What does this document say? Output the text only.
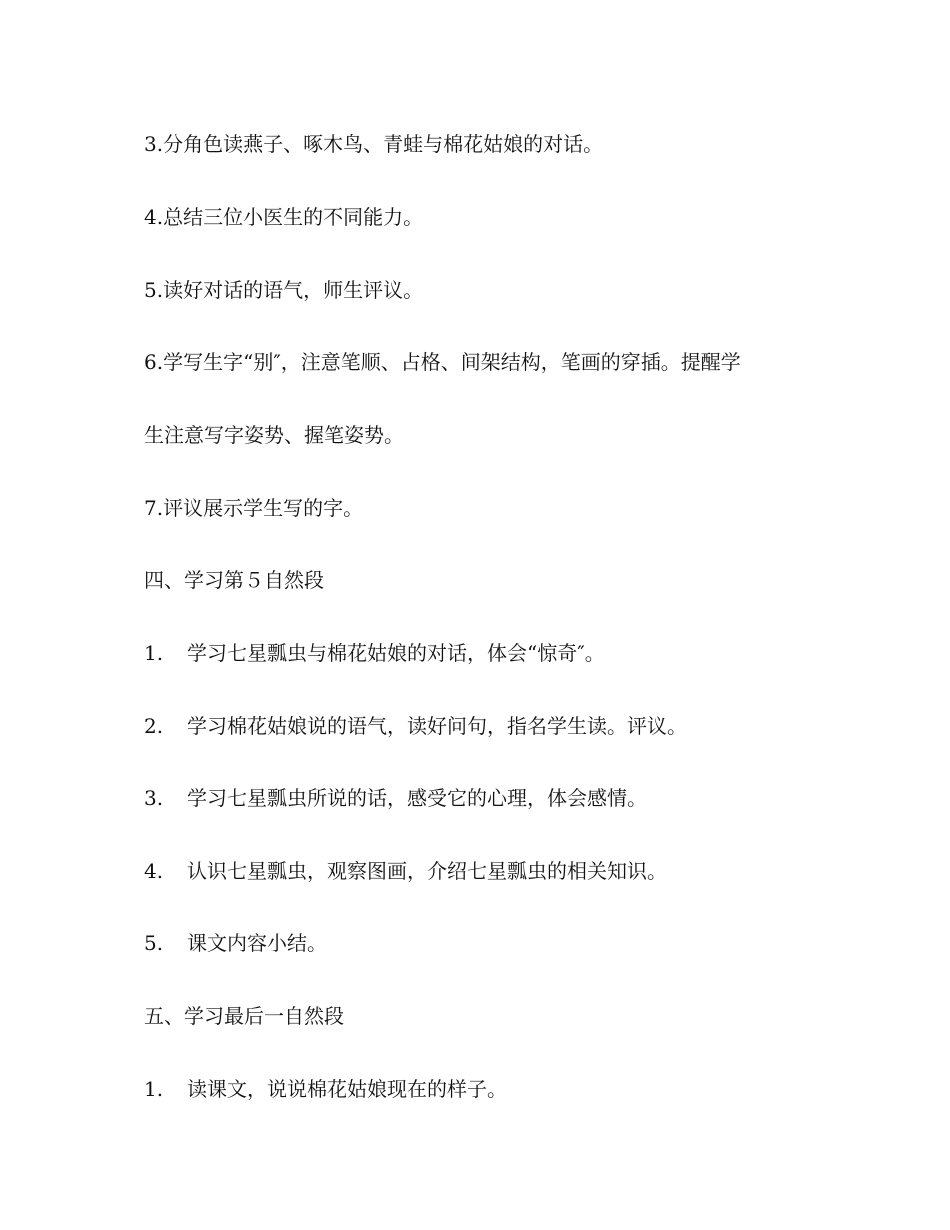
3.分角色读燕子、啄木鸟、青蛙与棉花姑娘的对话。
4.总结三位小医生的不同能力。
5.读好对话的语气，师生评议。
6.学写生字“别″，注意笔顺、占格、间架结构，笔画的穿插。提醒学
生注意写字姿势、握笔姿势。
7.评议展示学生写的字。
四、学习第５自然段
1. 学习七星瓢虫与棉花姑娘的对话，体会“惊奇″。
2. 学习棉花姑娘说的语气，读好问句，指名学生读。评议。
3. 学习七星瓢虫所说的话，感受它的心理，体会感情。
4. 认识七星瓢虫，观察图画，介绍七星瓢虫的相关知识。
5. 课文内容小结。
五、学习最后一自然段
1. 读课文，说说棉花姑娘现在的样子。
